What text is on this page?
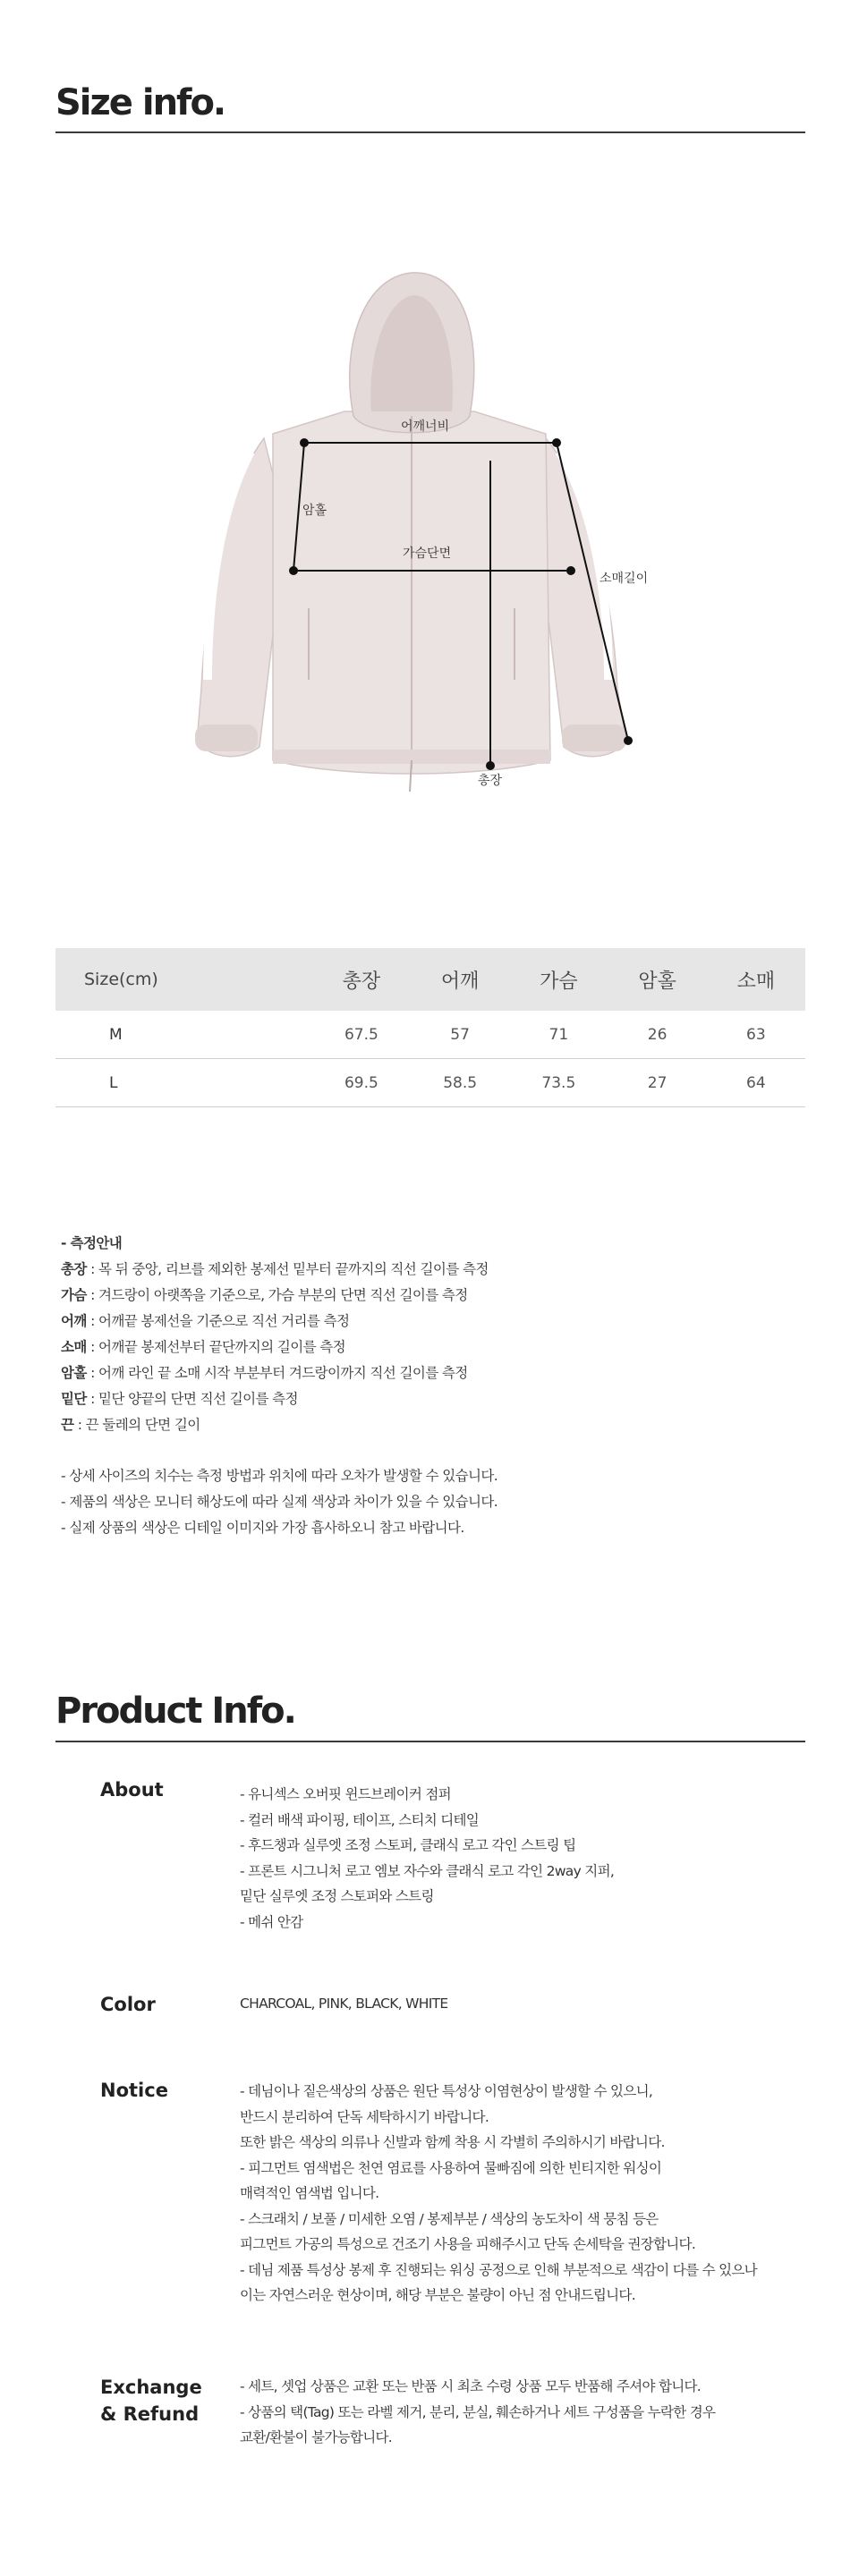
Size info.
어깨너비
암홀
가슴단면
소매길이
총장
Size(cm)	총장	어깨	가슴	암홀	소매
M	67.5	57	71	26	63
L	69.5	58.5	73.5	27	64
- 측정안내
총장 : 목 뒤 중앙, 리브를 제외한 봉제선 밑부터 끝까지의 직선 길이를 측정
가슴 : 겨드랑이 아랫쪽을 기준으로, 가슴 부분의 단면 직선 길이를 측정
어깨 : 어깨끝 봉제선을 기준으로 직선 거리를 측정
소매 : 어깨끝 봉제선부터 끝단까지의 길이를 측정
암홀 : 어깨 라인 끝 소매 시작 부분부터 겨드랑이까지 직선 길이를 측정
밑단 : 밑단 양끝의 단면 직선 길이를 측정
끈 : 끈 둘레의 단면 길이
- 상세 사이즈의 치수는 측정 방법과 위치에 따라 오차가 발생할 수 있습니다.
- 제품의 색상은 모니터 해상도에 따라 실제 색상과 차이가 있을 수 있습니다.
- 실제 상품의 색상은 디테일 이미지와 가장 흡사하오니 참고 바랍니다.
Product Info.
About	- 유니섹스 오버핏 윈드브레이커 점퍼
- 컬러 배색 파이핑, 테이프, 스티치 디테일
- 후드챙과 실루엣 조정 스토퍼, 클래식 로고 각인 스트링 팁
- 프론트 시그니처 로고 엠보 자수와 클래식 로고 각인 2way 지퍼,
밑단 실루엣 조정 스토퍼와 스트링
- 메쉬 안감
Color	CHARCOAL, PINK, BLACK, WHITE
Notice	- 데님이나 짙은색상의 상품은 원단 특성상 이염현상이 발생할 수 있으니,
반드시 분리하여 단독 세탁하시기 바랍니다.
또한 밝은 색상의 의류나 신발과 함께 착용 시 각별히 주의하시기 바랍니다.
- 피그먼트 염색법은 천연 염료를 사용하여 물빠짐에 의한 빈티지한 워싱이
매력적인 염색법 입니다.
- 스크래치 / 보풀 / 미세한 오염 / 봉제부분 / 색상의 농도차이 색 뭉침 등은
피그먼트 가공의 특성으로 건조기 사용을 피해주시고 단독 손세탁을 권장합니다.
- 데님 제품 특성상 봉제 후 진행되는 워싱 공정으로 인해 부분적으로 색감이 다를 수 있으나
이는 자연스러운 현상이며, 해당 부분은 불량이 아닌 점 안내드립니다.
Exchange
& Refund
- 세트, 셋업 상품은 교환 또는 반품 시 최초 수령 상품 모두 반품해 주셔야 합니다.
- 상품의 택(Tag) 또는 라벨 제거, 분리, 분실, 훼손하거나 세트 구성품을 누락한 경우
교환/환불이 불가능합니다.
